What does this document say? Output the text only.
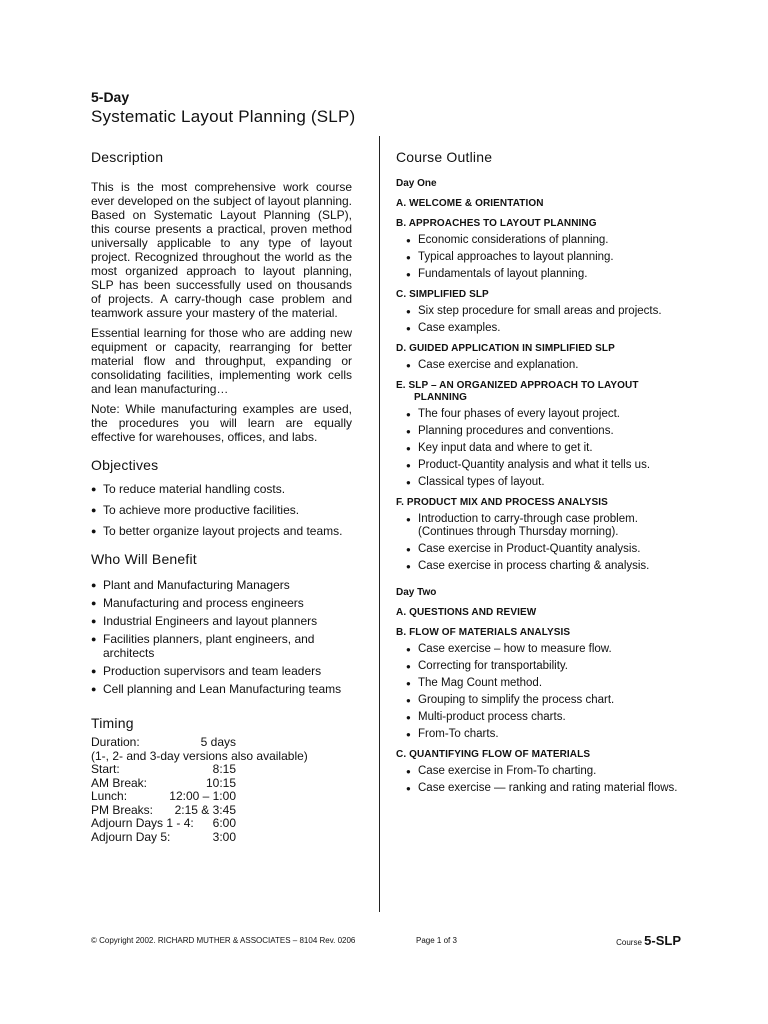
5-Day
Systematic Layout Planning (SLP)
Description

This is the most comprehensive work course ever developed on the subject of layout planning. Based on Systematic Layout Planning (SLP), this course presents a practical, proven method universally applicable to any type of layout project. Recognized throughout the world as the most organized approach to layout planning, SLP has been successfully used on thousands of projects. A carry-though case problem and teamwork assure your mastery of the material.

Essential learning for those who are adding new equipment or capacity, rearranging for better material flow and throughput, expanding or consolidating facilities, implementing work cells and lean manufacturing…

Note: While manufacturing examples are used, the procedures you will learn are equally effective for warehouses, offices, and labs.

Objectives
● To reduce material handling costs.
● To achieve more productive facilities.
● To better organize layout projects and teams.
Who Will Benefit
● Plant and Manufacturing Managers
● Manufacturing and process engineers
● Industrial Engineers and layout planners
● Facilities planners, plant engineers, and architects
● Production supervisors and team leaders
● Cell planning and Lean Manufacturing teams
Timing
Duration:	5 days
(1-, 2- and 3-day versions also available)
Start:	8:15
AM Break:	10:15
Lunch:	12:00 – 1:00
PM Breaks:	2:15 & 3:45
Adjourn Days 1 - 4:	6:00
Adjourn Day 5:	3:00
Course Outline
Day One
A. WELCOME & ORIENTATION
B. APPROACHES TO LAYOUT PLANNING
● Economic considerations of planning.
● Typical approaches to layout planning.
● Fundamentals of layout planning.
C. SIMPLIFIED SLP
● Six step procedure for small areas and projects.
● Case examples.
D. GUIDED APPLICATION IN SIMPLIFIED SLP
● Case exercise and explanation.
E. SLP – AN ORGANIZED APPROACH TO LAYOUT
PLANNING
● The four phases of every layout project.
● Planning procedures and conventions.
● Key input data and where to get it.
● Product-Quantity analysis and what it tells us.
● Classical types of layout.
F. PRODUCT MIX AND PROCESS ANALYSIS
● Introduction to carry-through case problem. (Continues through Thursday morning).
● Case exercise in Product-Quantity analysis.
● Case exercise in process charting & analysis.
Day Two
A. QUESTIONS AND REVIEW
B. FLOW OF MATERIALS ANALYSIS
● Case exercise – how to measure flow.
● Correcting for transportability.
● The Mag Count method.
● Grouping to simplify the process chart.
● Multi-product process charts.
● From-To charts.
C. QUANTIFYING FLOW OF MATERIALS
● Case exercise in From-To charting.
● Case exercise — ranking and rating material flows.
© Copyright 2002. RICHARD MUTHER & ASSOCIATES – 8104 Rev. 0206	Page 1 of 3	Course 5-SLP
